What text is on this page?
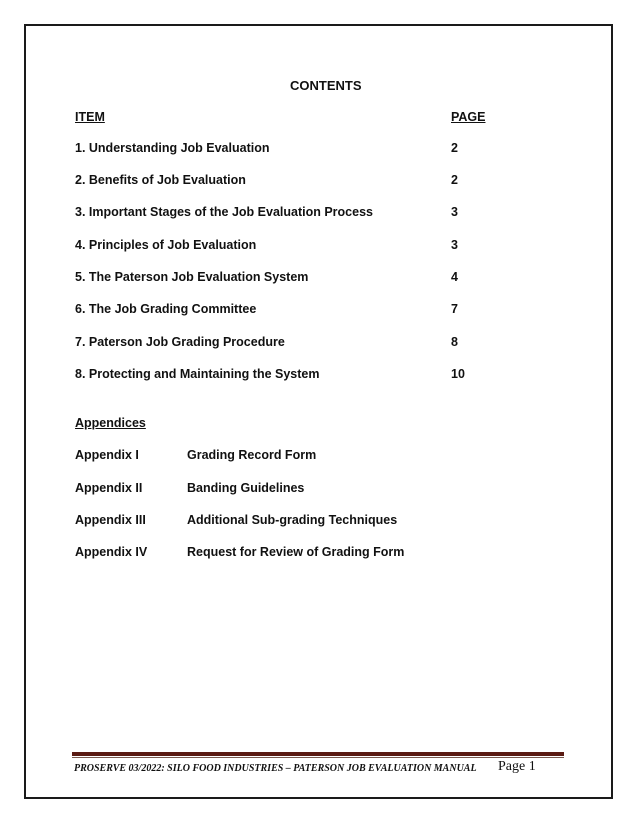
CONTENTS
ITEM	PAGE
1. Understanding Job Evaluation	2
2. Benefits of Job Evaluation	2
3. Important Stages of the Job Evaluation Process	3
4. Principles of Job Evaluation	3
5. The Paterson Job Evaluation System	4
6. The Job Grading Committee	7
7. Paterson Job Grading Procedure	8
8. Protecting and Maintaining the System	10
Appendices
Appendix I	Grading Record Form
Appendix II	Banding Guidelines
Appendix III	Additional Sub-grading Techniques
Appendix IV	Request for Review of Grading Form
PROSERVE 03/2022: SILO FOOD INDUSTRIES – PATERSON JOB EVALUATION MANUAL Page 1
